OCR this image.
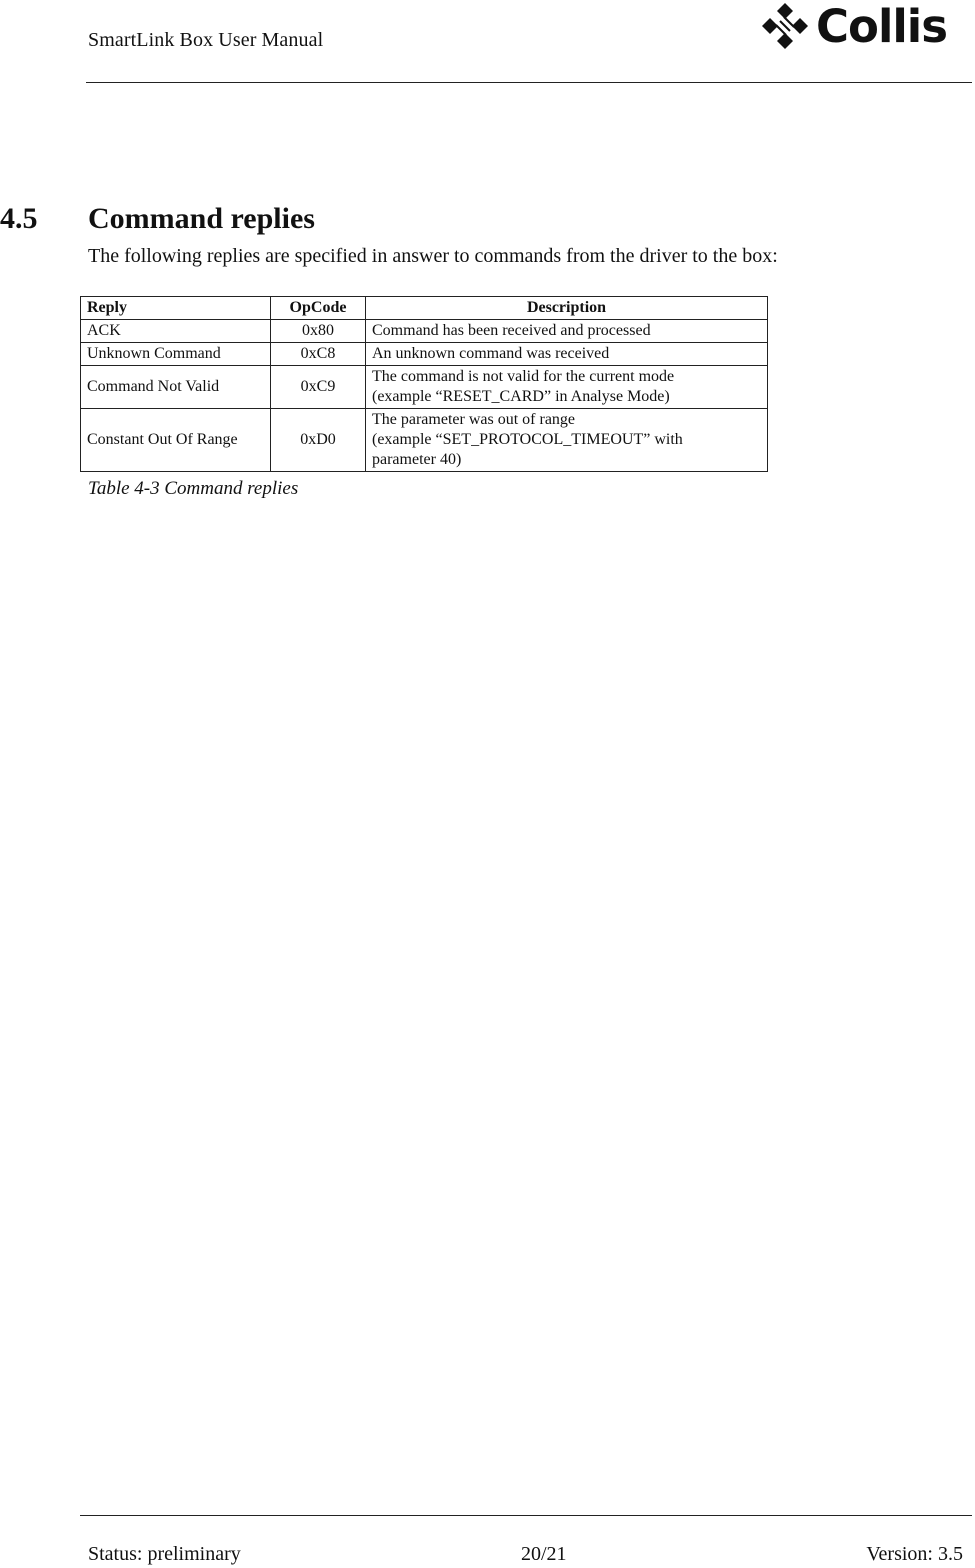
SmartLink Box User Manual	Collis
4.5 Command replies
The following replies are specified in answer to commands from the driver to the box:
Reply	OpCode	Description
ACK	0x80	Command has been received and processed

Unknown Command	0xC8	An unknown command was received

Command Not Valid	0xC9	The command is not valid for the current mode
(example “RESET_CARD” in Analyse Mode)

Constant Out Of Range	0xD0	The parameter was out of range
(example “SET_PROTOCOL_TIMEOUT” with
parameter 40)
Table 4-3 Command replies
Status: preliminary	20/21	Version: 3.5
